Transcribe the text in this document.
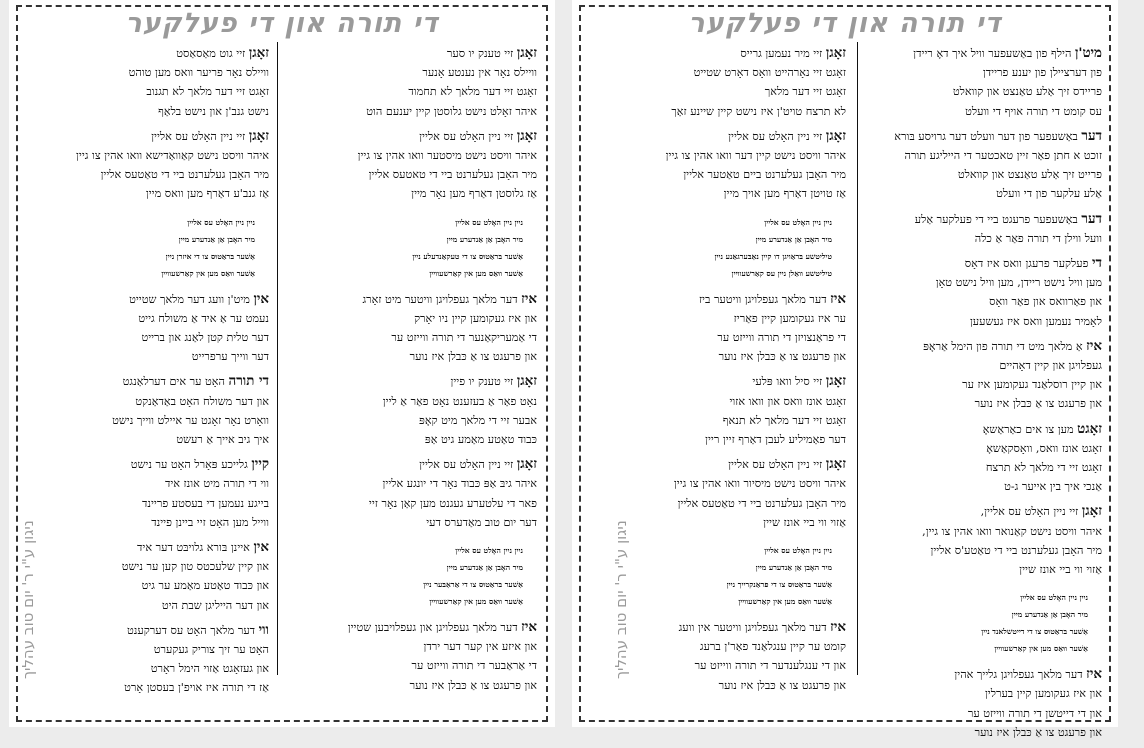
די תורה און די פעלקער
זאָגן זיי טענק יו סער
וויילס נאָר אין נענטע אָנער
זאָגט זיי דער מלאך לא תחמוד
איהר זאָלט נישט גלוסטן קיין יענעם הוט
זאָגן זיי ניין האָלט עס אליין
איהר וויסט נישט מיסטער וואו אהין צו גיין
מיר האָבן געלערנט ביי די טאטעס אליין
אַז גלוסטן דאַרף מען נאָר מיין
ניין ניין האָלט עס אליין
מיר האָבן אַן אַנדערע מיין
אַשׁער בּראַטוּס צו די טעקאַנדעלע ניין
אַשׁער ווּאַס מען אין קאַרשעוויין
איז דער מלאך געפלויגן וויטער מיט זאָרג
און איז געקומען קיין ניו יאָרק
די אַמעריקאַנער די תורה ווייזט ער
און פרעגט צו אַ כּבלן איז נוער
זאָגן זיי טענק יו פיין
נאָט פאַר אַ בעזענט נאָט פאַר אַ ליין
אבער זיי די מלאך מיט קאָפּ
כּבוד טאַטע מאַמע גיט אַפּ
זאָגן זיי ניין האָלט עס אליין
איהר גיבּ אַפּ כּבוד נאָר די יונגע אליין
פאר די עלטערע געגנט מען קאַן נאָר זיי
דער יום טוב מאַדערס דעי
ניין ניין האָלט עס אליין
מיר האָבן אַן אַנדערע מיין
אַשׁער בּראַטוּס צו די אַראַבּער ניין
אַשׁער ווּאַס מען אין קאַרשעוויין
איז דער מלאך געפלויגן און געפלויבען שטיין
און איזע אין קער דער ירדן
די אַראַבער די תורה ווייזט ער
און פרעגט צו אַ כּבלן איז נוער
זאָגן זיי גוט מאַסאַסט
וויילס נאָר פריער וואס מען טוהט
זאָגט זיי דער מלאך לא תגנוב
נישט גנב'ן און נישט בלאַף
זאָגן זיי ניין האָלט עס אליין
איהר וויסט נישט קאַוואַדישא וואו אהין צו גיין
מיר האָבן געלערנט ביי די טאַטעס אליין
אַז גנב'ע דאַרף מען וואס מיין
ניין ניין האָלט עס אליין
מיר האָבן אַן אַנדערע מיין
אַשׁער בּראַטוּס צו די איזרן ניין
אַשׁער ווּאַס מען אין קאַרשעוויין
אין מיט'ן וועג דער מלאך שטייט
נעמט ער אַ איד אַ משולח גייט
דער טלית קטן לאַנג און ברייט
דער ווייך ערפרייט
די תורה האָט ער אים דערלאַנגט
און דער משולח האָט באַדאַנקט
וואָרט נאָר זאָגט ער איילט ווייך נישט
איך גיב אייך אַ רעשט
קיין גלייכע פּאָרל האָט ער נישט
ווי די תורה מיט אונז איד
בייגע נעמען די בעסטע פריינד
ווייל מען האָט זיי ביינן פיינד
אין איינן בּורא גלויבּט דער איד
און קיין שלעכטס טון קען ער נישט
און כּבוד טאַטע מאַמע ער גיט
און דער הייליגן שבת היט
ווי דער מלאך האָט עס דערקענט
האָט ער זיך צוריק געקערט
און געזאָגט אַזוי הימל ראָרט
אַז די תורה איז אויפ'ן בעסטן אָרט
ניגון ע"י ר' יום טוב עהליך
די תורה און די פעלקער
מיט'ן הילף פון באַשעפער וויל איך דאָ ריידן
פון דערציילן פון יענע פריידן
פריידס זיך אַלע טאַנצט און קוואלט
עס קומט די תורה אויף די וועלט
דער באַשעפער פון דער וועלט דער גרויסע בּורא
זוכט א חתן פאַר זיין טאכטער די הייליגע תורה
פרייט זיך אַלע טאַנצט און קוואלט
אַלע עלקער פון די וועלט
דער באַשעפער פרעגט ביי די פעלקער אַלע
וועל ווילן די תורה פאַר אַ כלה
די פעלקער פרעגן וואס איז דאָס
מען וויל נישט ריידן, מען וויל נישט טאָן
און פאַרוואס און פאַר וואָס
לאָמיר נעמען וואס איז געשעען
איז אַ מלאך מיט די תורה פון הימל אַראָפּ
געפלויגן און קיין דאָהיים
און קיין רוסלאַנד געקומען איז ער
און פרעגט צו אַ כּבלן איז נוער
זאָגט מען צו אים כאַראַשאָ
זאָגט אונז וואס, וואָסקאַשאָ
זאָגט זיי די מלאך לא תרצח
אַנכי איך בין אייער ג-ט
זאָגן זיי ניין האָלט עס אליין,
איהר וויסט נישט קאַנואר וואו אהין צו גיין,
מיר האָבן געלערנט ביי די טאַטע'ס אליין
אַזוי ווי ביי אונז שיין
ניין ניין האָלט עס אליין
מיר האָבן אַן אַנדערע מיין
אַשׁער בּראַטוּס צו די דייטשלאנד ניין
אַשׁער ווּאַס מען אין קאַרשעוויין
איז דער מלאך געפלויגן גלייך אהין
און איז געקומען קיין בערלין
און די דייטשן די תורה ווייזט ער
און פרעגט צו אַ כּבלן איז נוער
זאָגן זיי מיר נעמען גרייס
זאָגט זיי נאָרהייט וואָס דאָרט שטייט
זאָגט זיי דער מלאך
לא תרצח טויט'ן איז נישט קיין שיינע זאַך
זאָגן זיי ניין האָלט עס אליין
איהר וויסט נישט קיין דער וואו אהין צו גיין
מיר האָבן געלערנט ביים טאַטער אליין
אַז טויטן דאַרף מען אויך מיין
ניין ניין האָלט עס אליין
מיר האָבן אַן אַנדערע מיין
טיליטשע בּראַויגן דו קיין נאַבּערגאַנע ניין
טיליטשע וואַלן ניין עס קאַרשעוויין
איז דער מלאך געפלויגן וויטער ביז
ער איז געקומען קיין פאַריז
די פראַנצויזן די תורה ווייזט ער
און פרעגט צו אַ כּבלן איז נוער
זאָגן זיי סיל וואו פּלעי
זאָגט אונז וואס און וואו אזוי
זאָגט זיי דער מלאך לא תנאף
דער פאַמיליע לעבן דאַרף זיין ריין
זאָגן זיי ניין האָלט עס אליין
איהר וויסט נישט מיסיור וואו אהין צו גיין
מיר האָבן געלערנט ביי די טאַטעס אליין
אַזוי ווי ביי אונז שיין
ניין ניין האָלט עס אליין
מיר האָבן אַן אַנדערע מיין
אַשׁער בּראַטוּס צו די פראַנקרייך ניין
אַשׁער ווּאַס מען אין קאַרשעוויין
איז דער מלאך געפלויגן וויטער אין וועג
קומט ער קיין ענגלאַנד פאַר'ן ברעג
און די ענגלענדער די תורה ווייזט ער
און פרעגט צו אַ כּבלן איז נוער
ניגון ע"י ר' יום טוב עהליך
